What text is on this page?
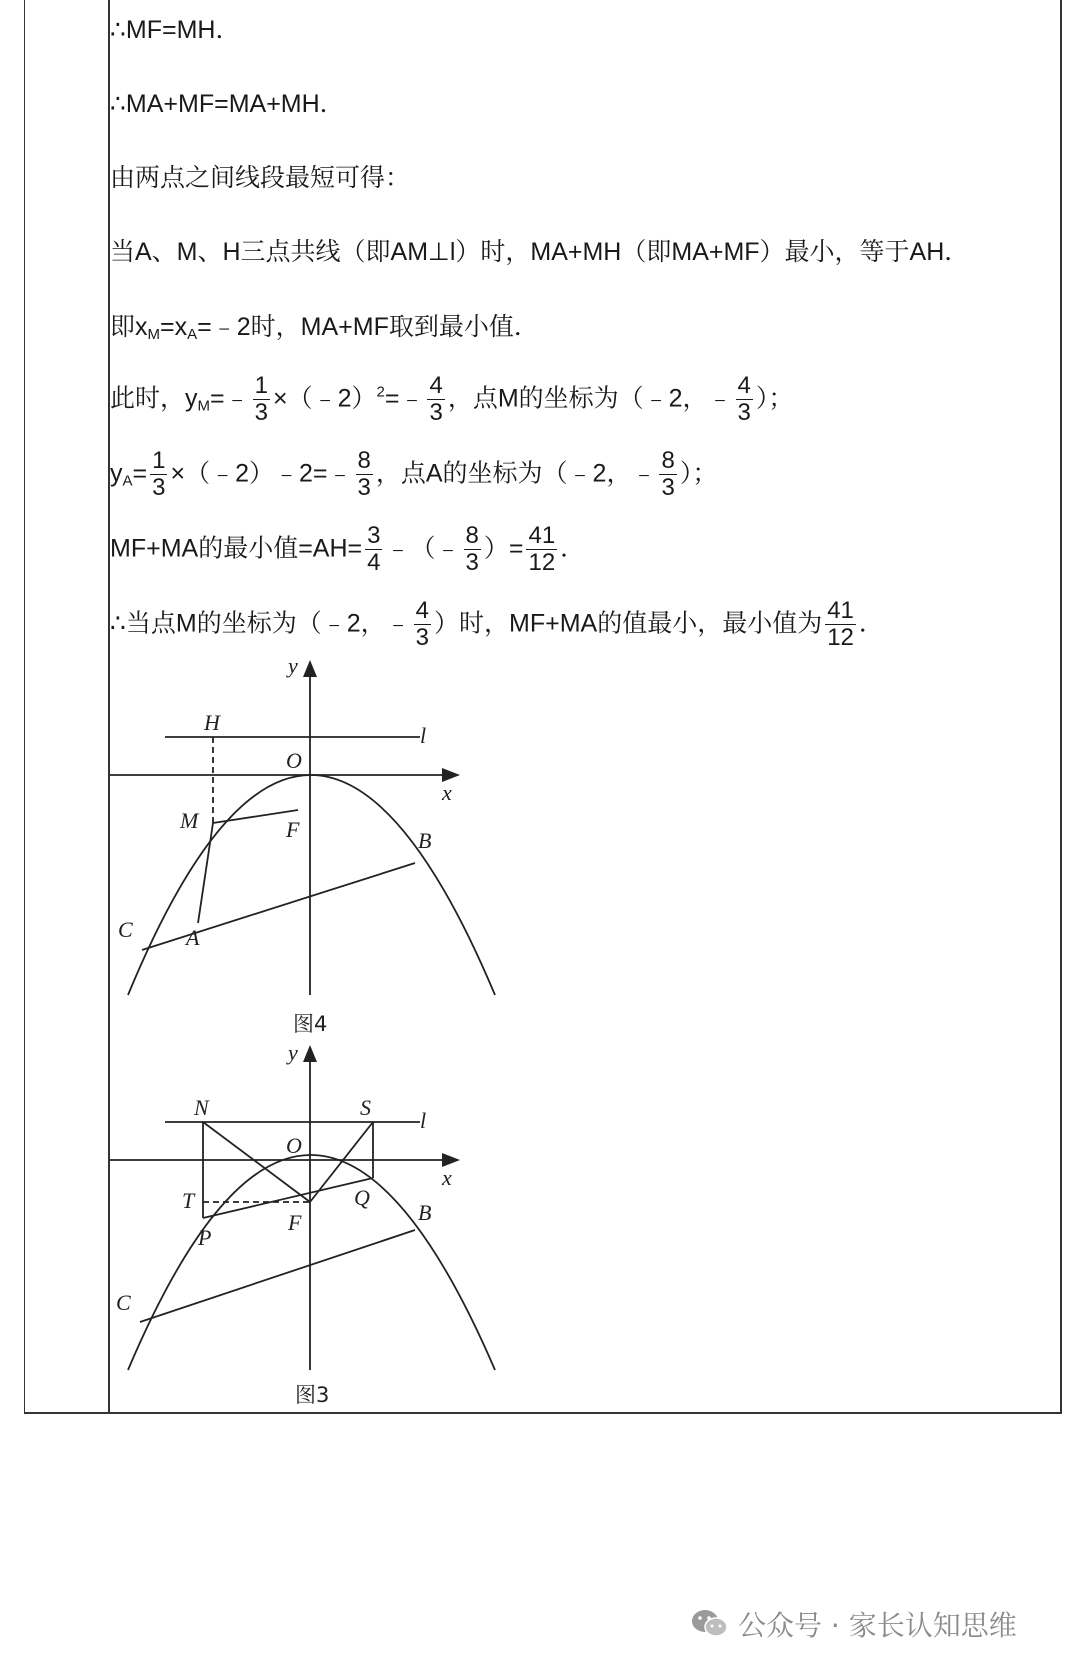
∴MF=MH．
∴MA+MF=MA+MH．
由两点之间线段最短可得：
当A、M、H三点共线（即AM⊥l）时，MA+MH（即MA+MF）最小，等于AH．
即$x_M=x_A=﹣2$时，MA+MF取到最小值．
此时，$y_M=﹣ \frac{1}{3}$ ×（﹣2）$^2$=﹣ $\frac{4}{3}$ ，点M的坐标为（﹣2，﹣ $\frac{4}{3}$ ）；
$y_A= \frac{1}{3}$ ×（﹣2）﹣2=﹣ $\frac{8}{3}$ ，点A的坐标为（﹣2，﹣ $\frac{8}{3}$ ）；
MF+MA的最小值$=AH= \frac{3}{4}$ ﹣（﹣ $\frac{8}{3}$ ）= $\frac{41}{12}$ ．
∴当点M的坐标为（﹣2，﹣ $\frac{4}{3}$ ）时，MF+MA的值最小，最小值为 $\frac{41}{12}$ ．
y
x
O
l
H
M	F	B
C A
图4
y
x
O
l
N	S
T
P
F
Q
B
C
图3
公众号 · 家长认知思维
